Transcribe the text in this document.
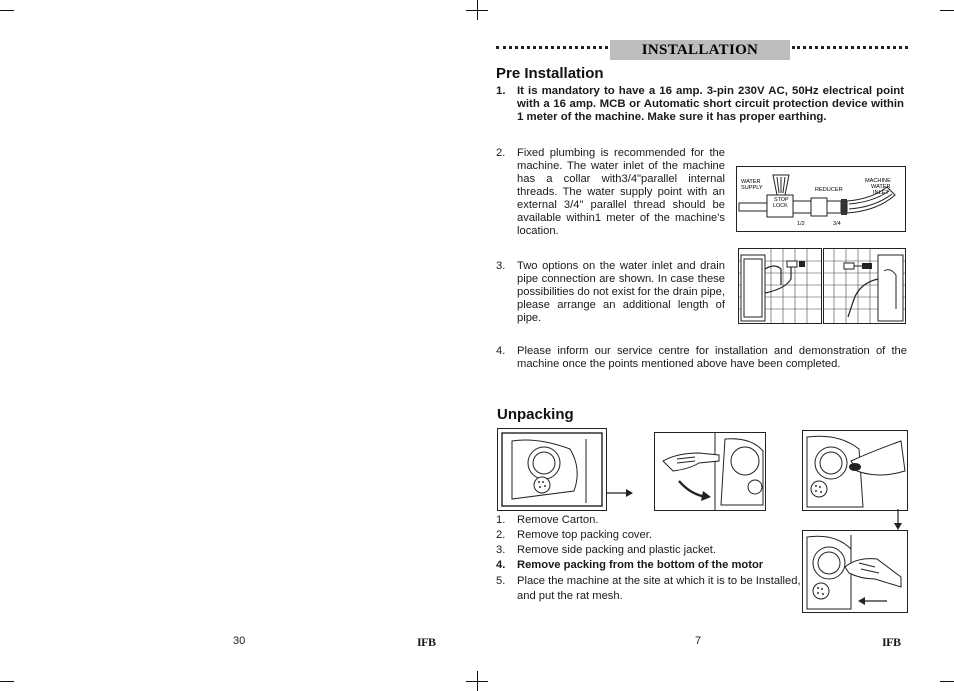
INSTALLATION
Pre Installation
1. It is mandatory to have a 16 amp. 3-pin 230V AC, 50Hz electrical point with a 16 amp. MCB or Automatic short circuit protection device within 1 meter of the machine. Make sure it has proper earthing.
2. Fixed plumbing is recommended for the machine. The water inlet of the machine has a collar with3/4"parallel internal threads. The water supply point with an external 3/4" parallel thread should be available within1 meter of the machine's location.
3. Two options on the water inlet and drain pipe connection are shown. In case these possibilities do not exist for the drain pipe, please arrange an additional length of pipe.
4. Please inform our service centre for installation and demonstration of the machine once the points mentioned above have been completed.
WATER
SUPPLY
STOP
LOCK
REDUCER
MACHINE
WATER
INLET
1/2	3/4
Unpacking
1. Remove Carton.
2. Remove top packing cover.
3. Remove side packing and plastic jacket.
4. Remove packing from the bottom of the motor
5. Place the machine at the site at which it is to be Installed, and put the rat mesh.
30	IFB	7	IFB
